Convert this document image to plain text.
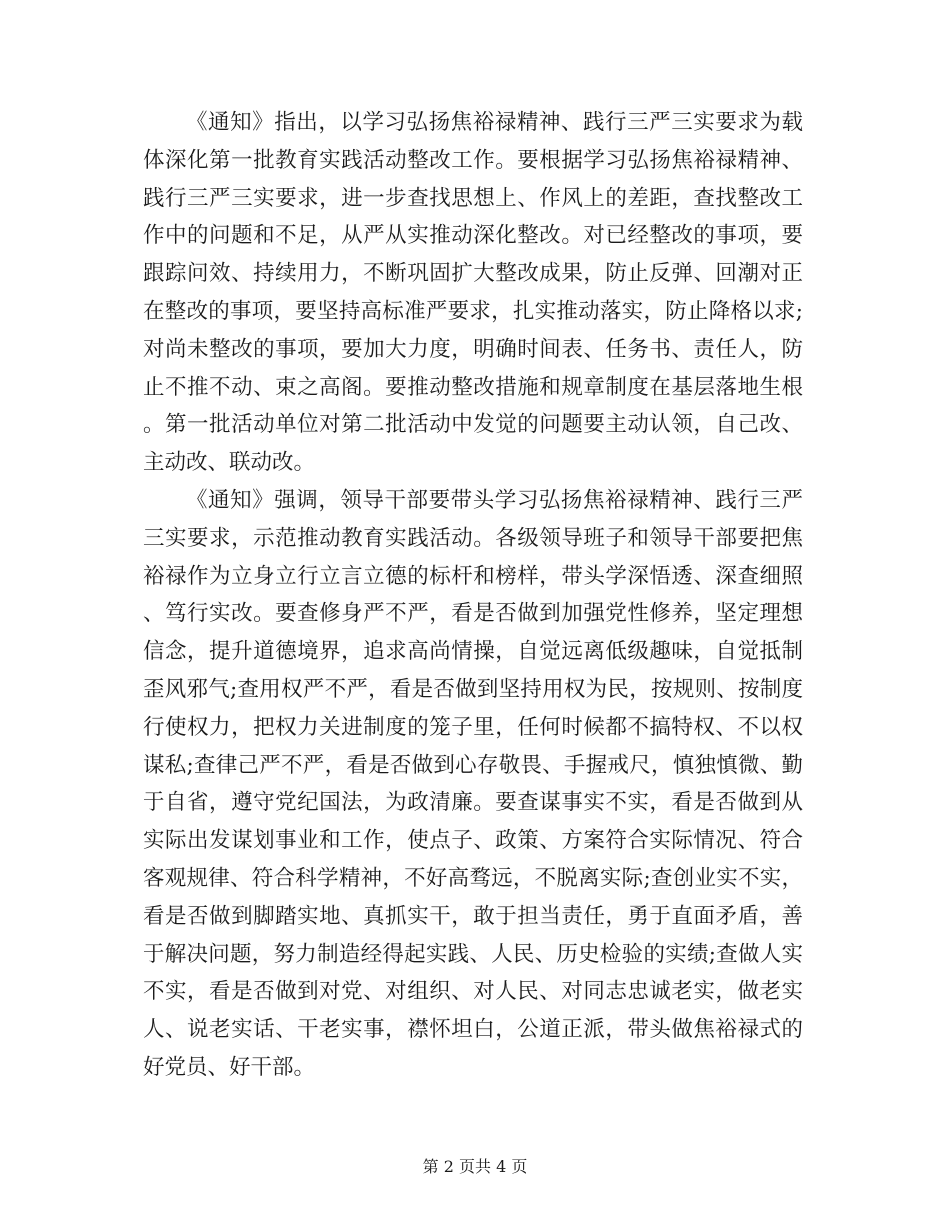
《通知》指出，以学习弘扬焦裕禄精神、践行三严三实要求为载体深化第一批教育实践活动整改工作。要根据学习弘扬焦裕禄精神、践行三严三实要求，进一步查找思想上、作风上的差距，查找整改工作中的问题和不足，从严从实推动深化整改。对已经整改的事项，要跟踪问效、持续用力，不断巩固扩大整改成果，防止反弹、回潮对正在整改的事项，要坚持高标准严要求，扎实推动落实，防止降格以求;对尚未整改的事项，要加大力度，明确时间表、任务书、责任人，防止不推不动、束之高阁。要推动整改措施和规章制度在基层落地生根。第一批活动单位对第二批活动中发觉的问题要主动认领，自己改、主动改、联动改。

《通知》强调，领导干部要带头学习弘扬焦裕禄精神、践行三严三实要求，示范推动教育实践活动。各级领导班子和领导干部要把焦裕禄作为立身立行立言立德的标杆和榜样，带头学深悟透、深查细照、笃行实改。要查修身严不严，看是否做到加强党性修养，坚定理想信念，提升道德境界，追求高尚情操，自觉远离低级趣味，自觉抵制歪风邪气;查用权严不严，看是否做到坚持用权为民，按规则、按制度行使权力，把权力关进制度的笼子里，任何时候都不搞特权、不以权谋私;查律己严不严，看是否做到心存敬畏、手握戒尺，慎独慎微、勤于自省，遵守党纪国法，为政清廉。要查谋事实不实，看是否做到从实际出发谋划事业和工作，使点子、政策、方案符合实际情况、符合客观规律、符合科学精神，不好高骛远，不脱离实际;查创业实不实，看是否做到脚踏实地、真抓实干，敢于担当责任，勇于直面矛盾，善于解决问题，努力制造经得起实践、人民、历史检验的实绩;查做人实不实，看是否做到对党、对组织、对人民、对同志忠诚老实，做老实人、说老实话、干老实事，襟怀坦白，公道正派，带头做焦裕禄式的好党员、好干部。

第 2 页共 4 页
